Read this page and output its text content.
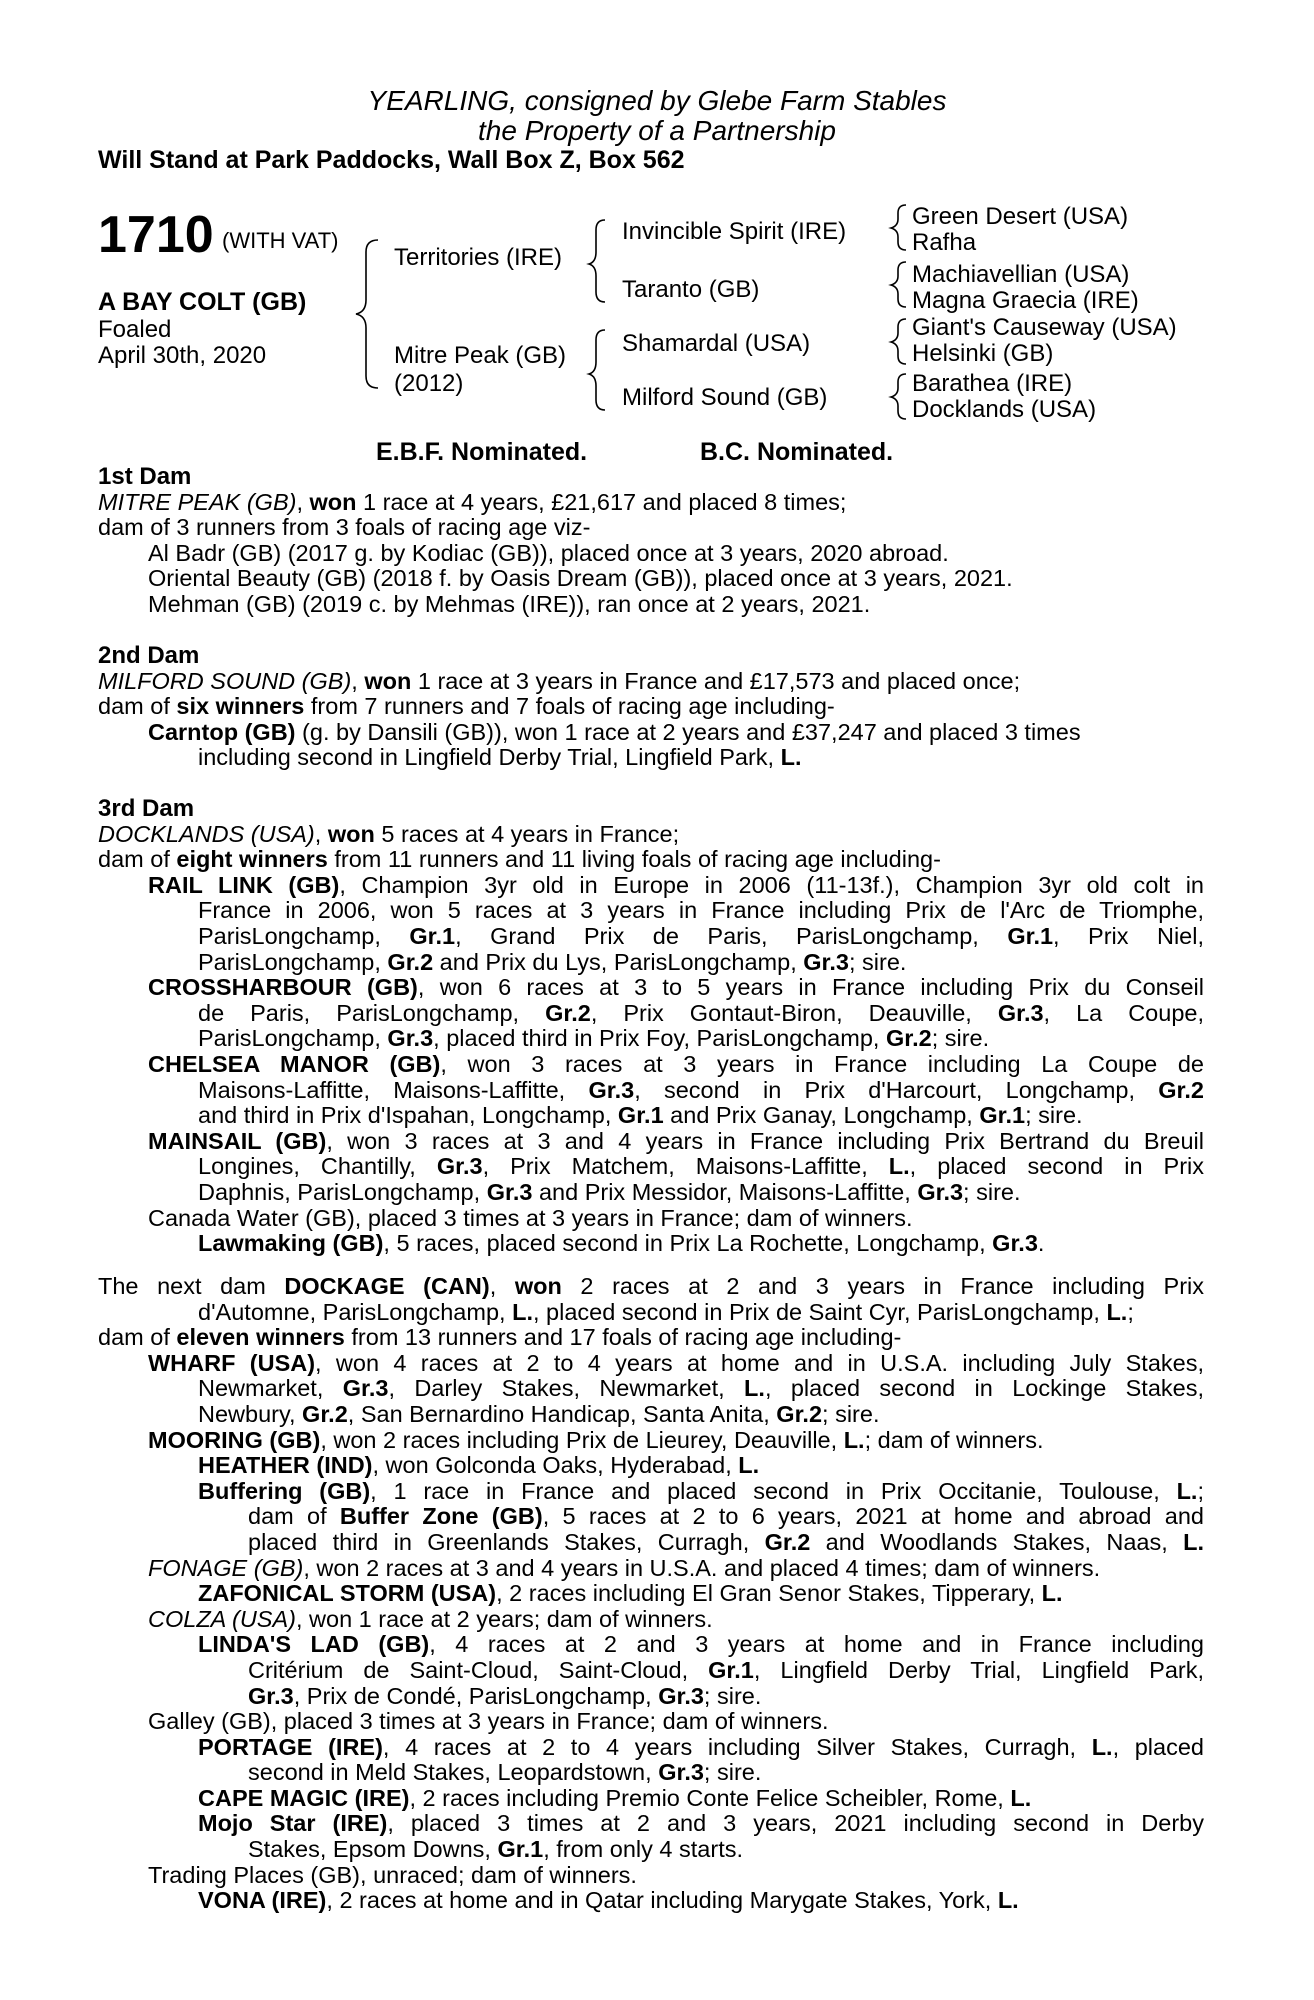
YEARLING, consigned by Glebe Farm Stables
the Property of a Partnership
Will Stand at Park Paddocks, Wall Box Z, Box 562
1710 (WITH VAT)
A BAY COLT (GB)
Foaled
April 30th, 2020
Territories (IRE)
Mitre Peak (GB)
(2012)
Invincible Spirit (IRE)
Taranto (GB)
Shamardal (USA)
Milford Sound (GB)
Green Desert (USA)
Rafha
Machiavellian (USA)
Magna Graecia (IRE)
Giant's Causeway (USA)
Helsinki (GB)
Barathea (IRE)
Docklands (USA)
E.B.F. Nominated.	B.C. Nominated.

1st Dam

MITRE PEAK (GB), won 1 race at 4 years, £21,617 and placed 8 times;

dam of 3 runners from 3 foals of racing age viz-

Al Badr (GB) (2017 g. by Kodiac (GB)), placed once at 3 years, 2020 abroad.

Oriental Beauty (GB) (2018 f. by Oasis Dream (GB)), placed once at 3 years, 2021.

Mehman (GB) (2019 c. by Mehmas (IRE)), ran once at 2 years, 2021.

2nd Dam

MILFORD SOUND (GB), won 1 race at 3 years in France and £17,573 and placed once;

dam of six winners from 7 runners and 7 foals of racing age including-

Carntop (GB) (g. by Dansili (GB)), won 1 race at 2 years and £37,247 and placed 3 times

including second in Lingfield Derby Trial, Lingfield Park, L.

3rd Dam

DOCKLANDS (USA), won 5 races at 4 years in France;

dam of eight winners from 11 runners and 11 living foals of racing age including-

RAIL LINK (GB), Champion 3yr old in Europe in 2006 (11-13f.), Champion 3yr old colt in

France in 2006, won 5 races at 3 years in France including Prix de l'Arc de Triomphe,

ParisLongchamp, Gr.1, Grand Prix de Paris, ParisLongchamp, Gr.1, Prix Niel,

ParisLongchamp, Gr.2 and Prix du Lys, ParisLongchamp, Gr.3; sire.

CROSSHARBOUR (GB), won 6 races at 3 to 5 years in France including Prix du Conseil

de Paris, ParisLongchamp, Gr.2, Prix Gontaut-Biron, Deauville, Gr.3, La Coupe,

ParisLongchamp, Gr.3, placed third in Prix Foy, ParisLongchamp, Gr.2; sire.

CHELSEA MANOR (GB), won 3 races at 3 years in France including La Coupe de

Maisons-Laffitte, Maisons-Laffitte, Gr.3, second in Prix d'Harcourt, Longchamp, Gr.2

and third in Prix d'Ispahan, Longchamp, Gr.1 and Prix Ganay, Longchamp, Gr.1; sire.

MAINSAIL (GB), won 3 races at 3 and 4 years in France including Prix Bertrand du Breuil

Longines, Chantilly, Gr.3, Prix Matchem, Maisons-Laffitte, L., placed second in Prix

Daphnis, ParisLongchamp, Gr.3 and Prix Messidor, Maisons-Laffitte, Gr.3; sire.

Canada Water (GB), placed 3 times at 3 years in France; dam of winners.

Lawmaking (GB), 5 races, placed second in Prix La Rochette, Longchamp, Gr.3.

The next dam DOCKAGE (CAN), won 2 races at 2 and 3 years in France including Prix

d'Automne, ParisLongchamp, L., placed second in Prix de Saint Cyr, ParisLongchamp, L.;

dam of eleven winners from 13 runners and 17 foals of racing age including-

WHARF (USA), won 4 races at 2 to 4 years at home and in U.S.A. including July Stakes,

Newmarket, Gr.3, Darley Stakes, Newmarket, L., placed second in Lockinge Stakes,

Newbury, Gr.2, San Bernardino Handicap, Santa Anita, Gr.2; sire.

MOORING (GB), won 2 races including Prix de Lieurey, Deauville, L.; dam of winners.

HEATHER (IND), won Golconda Oaks, Hyderabad, L.

Buffering (GB), 1 race in France and placed second in Prix Occitanie, Toulouse, L.;

dam of Buffer Zone (GB), 5 races at 2 to 6 years, 2021 at home and abroad and

placed third in Greenlands Stakes, Curragh, Gr.2 and Woodlands Stakes, Naas, L.

FONAGE (GB), won 2 races at 3 and 4 years in U.S.A. and placed 4 times; dam of winners.

ZAFONICAL STORM (USA), 2 races including El Gran Senor Stakes, Tipperary, L.

COLZA (USA), won 1 race at 2 years; dam of winners.

LINDA'S LAD (GB), 4 races at 2 and 3 years at home and in France including

Critérium de Saint-Cloud, Saint-Cloud, Gr.1, Lingfield Derby Trial, Lingfield Park,

Gr.3, Prix de Condé, ParisLongchamp, Gr.3; sire.

Galley (GB), placed 3 times at 3 years in France; dam of winners.

PORTAGE (IRE), 4 races at 2 to 4 years including Silver Stakes, Curragh, L., placed

second in Meld Stakes, Leopardstown, Gr.3; sire.

CAPE MAGIC (IRE), 2 races including Premio Conte Felice Scheibler, Rome, L.

Mojo Star (IRE), placed 3 times at 2 and 3 years, 2021 including second in Derby

Stakes, Epsom Downs, Gr.1, from only 4 starts.

Trading Places (GB), unraced; dam of winners.

VONA (IRE), 2 races at home and in Qatar including Marygate Stakes, York, L.
